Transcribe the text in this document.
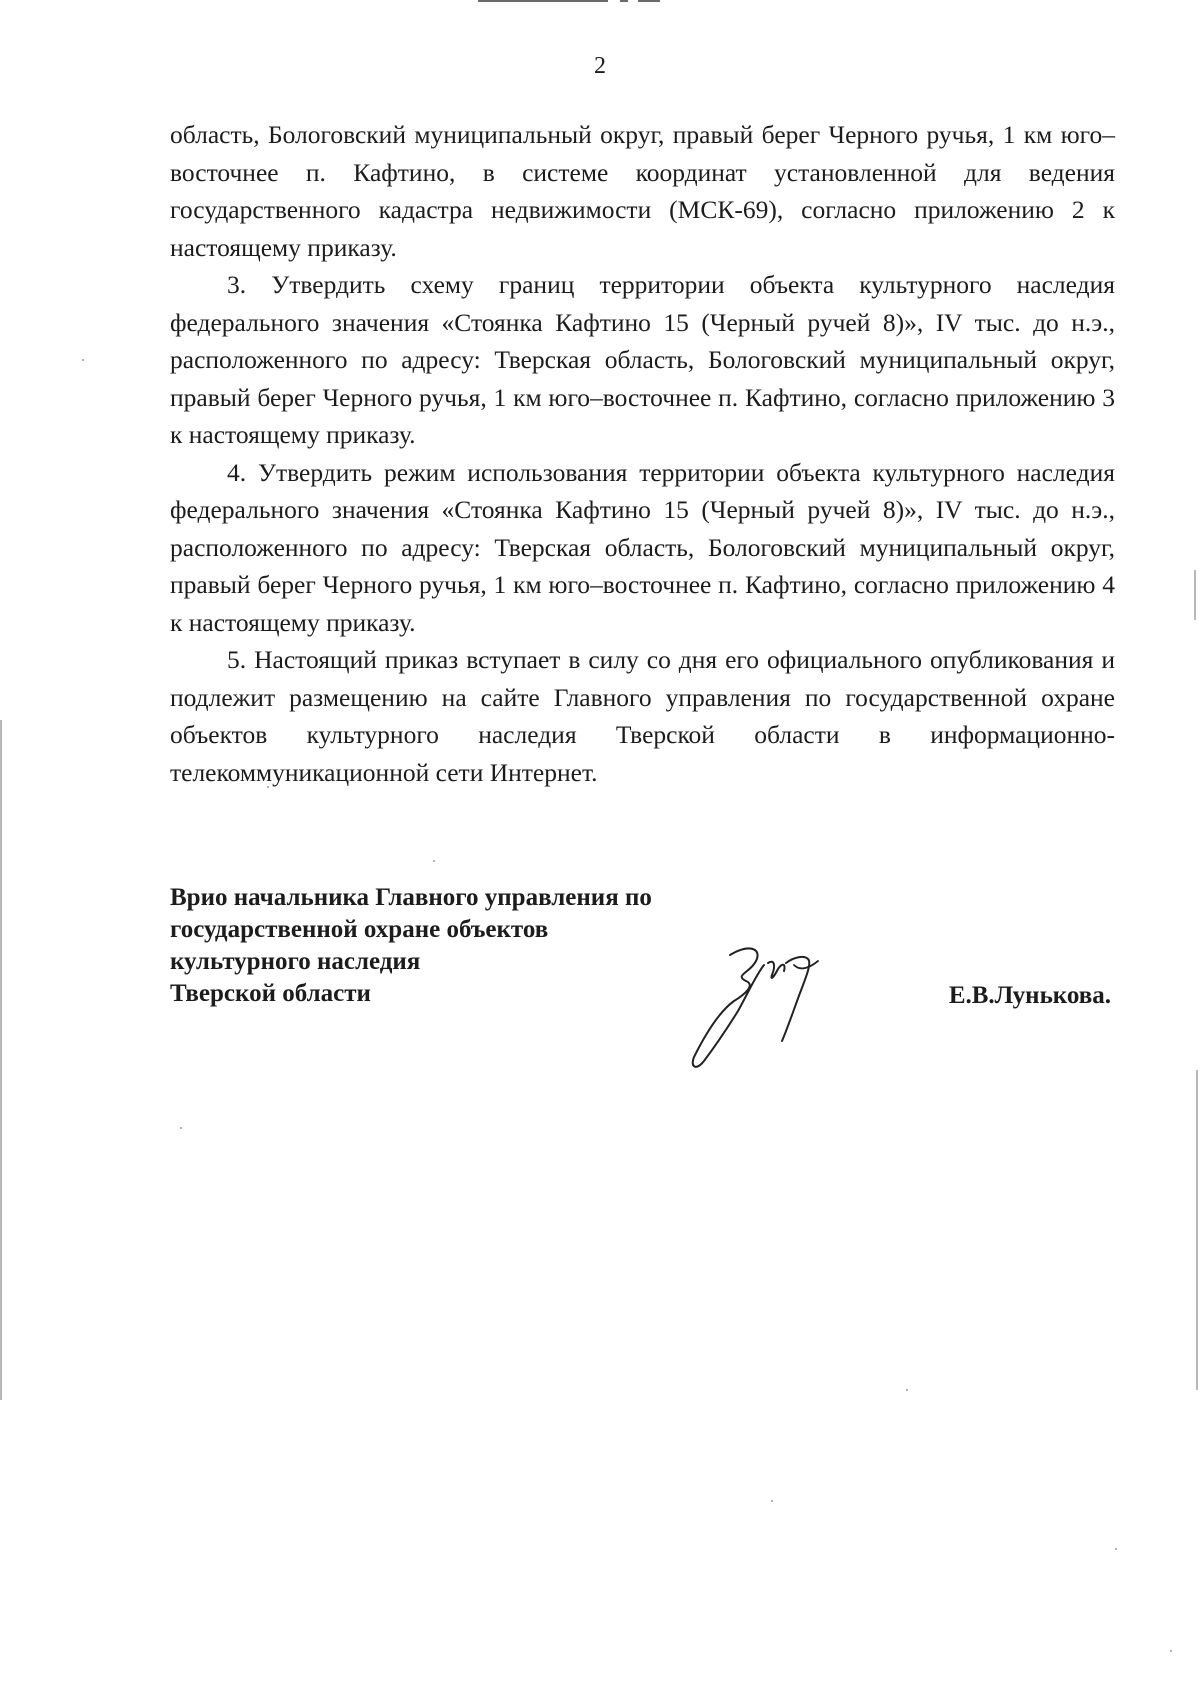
2

область, Бологовский муниципальный округ, правый берег Черного ручья, 1 км юго–восточнее п. Кафтино, в системе координат установленной для ведения государственного кадастра недвижимости (МСК-69), согласно приложению 2 к настоящему приказу.

3. Утвердить схему границ территории объекта культурного наследия федерального значения «Стоянка Кафтино 15 (Черный ручей 8)», IV тыс. до н.э., расположенного по адресу: Тверская область, Бологовский муниципальный округ, правый берег Черного ручья, 1 км юго–восточнее п. Кафтино, согласно приложению 3 к настоящему приказу.

4. Утвердить режим использования территории объекта культурного наследия федерального значения «Стоянка Кафтино 15 (Черный ручей 8)», IV тыс. до н.э., расположенного по адресу: Тверская область, Бологовский муниципальный округ, правый берег Черного ручья, 1 км юго–восточнее п. Кафтино, согласно приложению 4 к настоящему приказу.

5. Настоящий приказ вступает в силу со дня его официального опубликования и подлежит размещению на сайте Главного управления по государственной охране объектов культурного наследия Тверской области в информационно-телекоммуникационной сети Интернет.

Врио начальника Главного управления по
государственной охране объектов
культурного наследия
Тверской области	Е.В.Лунькова.
